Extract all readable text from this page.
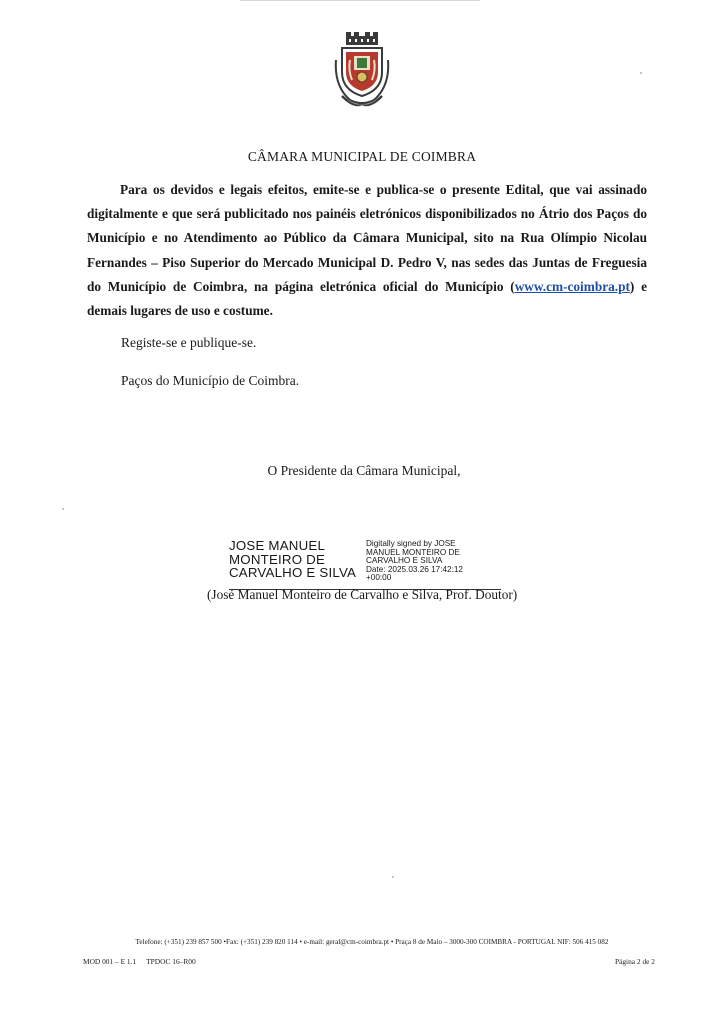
CÂMARA MUNICIPAL DE COIMBRA

Para os devidos e legais efeitos, emite-se e publica-se o presente Edital, que vai assinado digitalmente e que será publicitado nos painéis eletrónicos disponibilizados no Átrio dos Paços do Município e no Atendimento ao Público da Câmara Municipal, sito na Rua Olímpio Nicolau Fernandes – Piso Superior do Mercado Municipal D. Pedro V, nas sedes das Juntas de Freguesia do Município de Coimbra, na página eletrónica oficial do Município (www.cm-coimbra.pt) e demais lugares de uso e costume.

Registe-se e publique-se.
Paços do Município de Coimbra.
O Presidente da Câmara Municipal,
JOSE MANUEL
MONTEIRO DE
CARVALHO E SILVA
Digitally signed by JOSE
MANUEL MONTEIRO DE
CARVALHO E SILVA
Date: 2025.03.26 17:42:12
+00:00
(José Manuel Monteiro de Carvalho e Silva, Prof. Doutor)
Telefone: (+351) 239 857 500 •Fax: (+351) 239 820 114 • e-mail: geral@cm-coimbra.pt • Praça 8 de Maio – 3000-300 COIMBRA - PORTUGAL NIF: 506 415 082
MOD 001 – E 1.1 TPDOC 16–R00	Página 2 de 2
